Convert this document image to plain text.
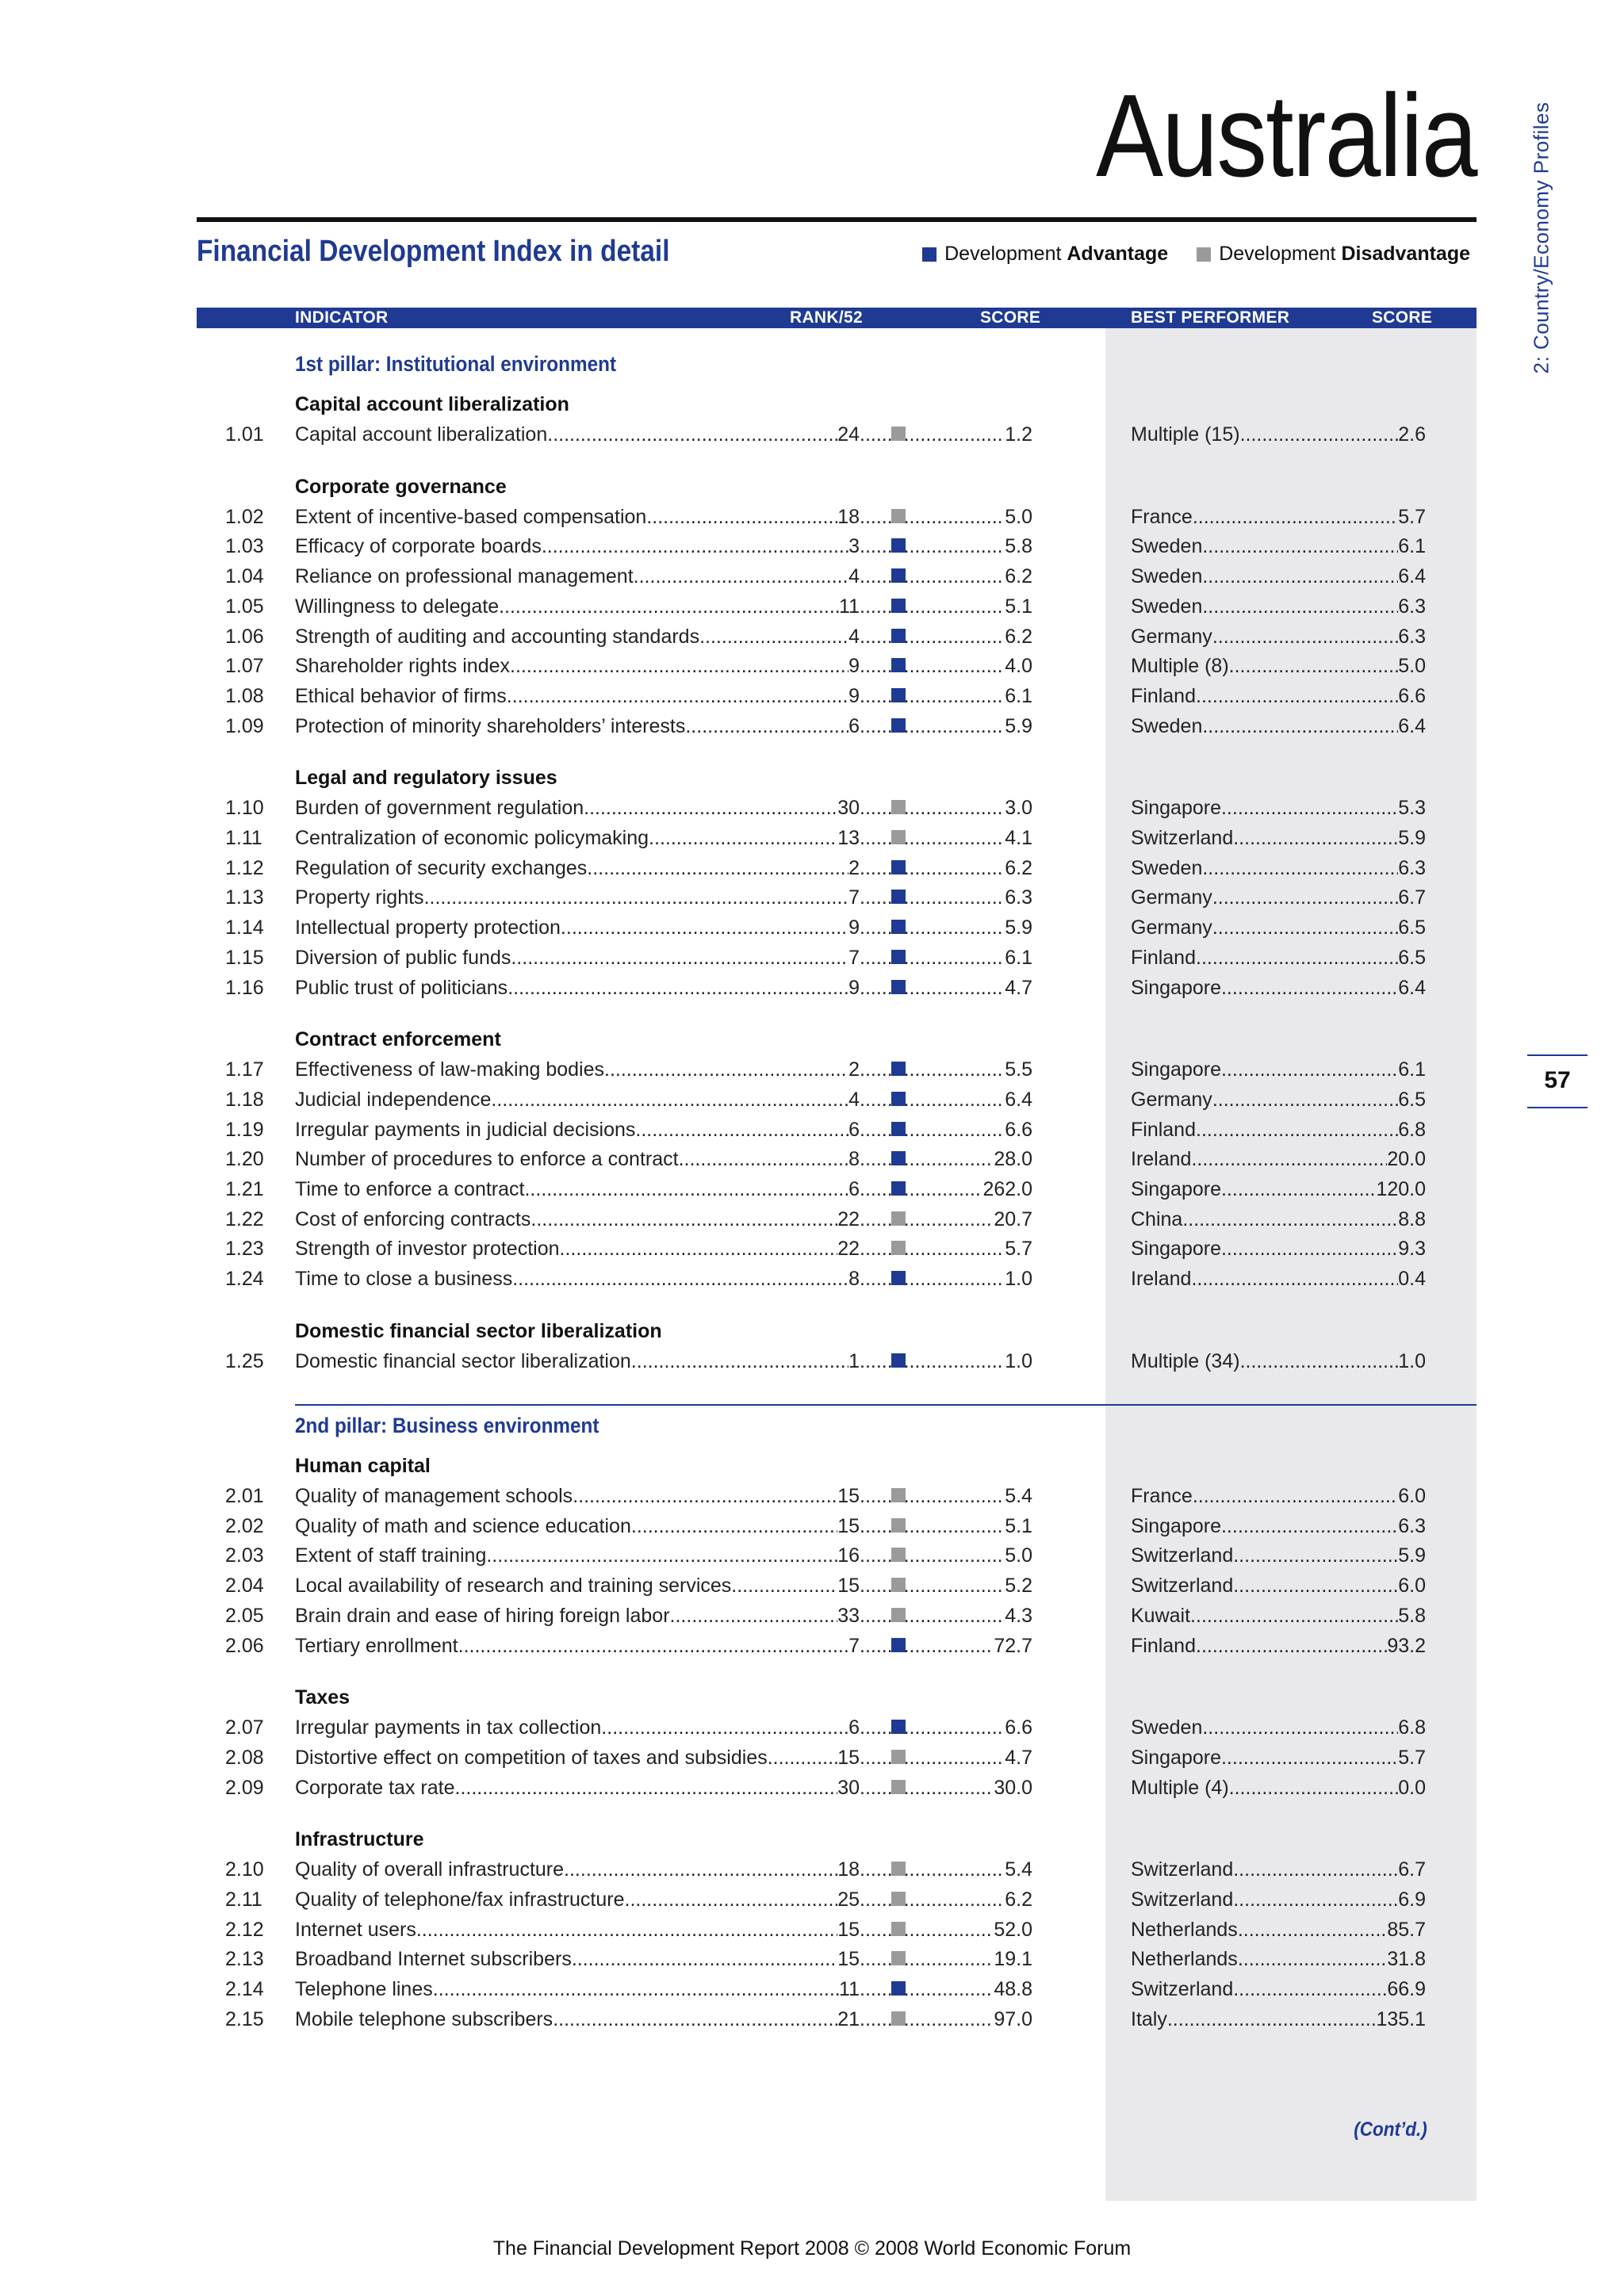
2: Country/Economy Profiles
57
Australia
Financial Development Index in detail	Development Advantage	Development Disadvantage
INDICATOR	RANK/52	SCORE	BEST PERFORMER	SCORE
1st pillar: Institutional environment
Capital account liberalization
1.01 Capital account liberalization .....	24 .....	1.2	Multiple (15) .....	2.6
Corporate governance
1.02 Extent of incentive-based compensation .....	18 .....	5.0	France .....	5.7
1.03 Efficacy of corporate boards .....	3 .....	5.8	Sweden .....	6.1
1.04 Reliance on professional management .....	4 .....	6.2	Sweden .....	6.4
1.05 Willingness to delegate .....	11 .....	5.1	Sweden .....	6.3
1.06 Strength of auditing and accounting standards .....	4 .....	6.2	Germany .....	6.3
1.07 Shareholder rights index .....	9 .....	4.0	Multiple (8) .....	5.0
1.08 Ethical behavior of firms .....	9 .....	6.1	Finland .....	6.6
1.09 Protection of minority shareholders’ interests .....	6 .....	5.9	Sweden .....	6.4
Legal and regulatory issues
1.10 Burden of government regulation .....	30 .....	3.0	Singapore .....	5.3
1.11 Centralization of economic policymaking .....	13 .....	4.1	Switzerland .....	5.9
1.12 Regulation of security exchanges .....	2 .....	6.2	Sweden .....	6.3
1.13 Property rights .....	7 .....	6.3	Germany .....	6.7
1.14 Intellectual property protection .....	9 .....	5.9	Germany .....	6.5
1.15 Diversion of public funds .....	7 .....	6.1	Finland .....	6.5
1.16 Public trust of politicians .....	9 .....	4.7	Singapore .....	6.4
Contract enforcement
1.17 Effectiveness of law-making bodies .....	2 .....	5.5	Singapore .....	6.1
1.18 Judicial independence .....	4 .....	6.4	Germany .....	6.5
1.19 Irregular payments in judicial decisions .....	6 .....	6.6	Finland .....	6.8
1.20 Number of procedures to enforce a contract .....	8 .....	28.0	Ireland .....	20.0
1.21 Time to enforce a contract .....	6 .....	262.0	Singapore .....	120.0
1.22 Cost of enforcing contracts .....	22 .....	20.7	China .....	8.8
1.23 Strength of investor protection .....	22 .....	5.7	Singapore .....	9.3
1.24 Time to close a business .....	8 .....	1.0	Ireland .....	0.4
Domestic financial sector liberalization
1.25 Domestic financial sector liberalization .....	1 .....	1.0	Multiple (34) .....	1.0
2nd pillar: Business environment
Human capital
2.01 Quality of management schools .....	15 .....	5.4	France .....	6.0
2.02 Quality of math and science education .....	15 .....	5.1	Singapore .....	6.3
2.03 Extent of staff training .....	16 .....	5.0	Switzerland .....	5.9
2.04 Local availability of research and training services .....	15 .....	5.2	Switzerland .....	6.0
2.05 Brain drain and ease of hiring foreign labor .....	33 .....	4.3	Kuwait .....	5.8
2.06 Tertiary enrollment .....	7 .....	72.7	Finland .....	93.2
Taxes
2.07 Irregular payments in tax collection .....	6 .....	6.6	Sweden .....	6.8
2.08 Distortive effect on competition of taxes and subsidies .....	15 .....	4.7	Singapore .....	5.7
2.09 Corporate tax rate .....	30 .....	30.0	Multiple (4) .....	0.0
Infrastructure
2.10 Quality of overall infrastructure .....	18 .....	5.4	Switzerland .....	6.7
2.11 Quality of telephone/fax infrastructure .....	25 .....	6.2	Switzerland .....	6.9
2.12 Internet users .....	15 .....	52.0	Netherlands .....	85.7
2.13 Broadband Internet subscribers .....	15 .....	19.1	Netherlands .....	31.8
2.14 Telephone lines .....	11 .....	48.8	Switzerland .....	66.9
2.15 Mobile telephone subscribers .....	21 .....	97.0	Italy .....	135.1
(Cont’d.)
The Financial Development Report 2008 © 2008 World Economic Forum
